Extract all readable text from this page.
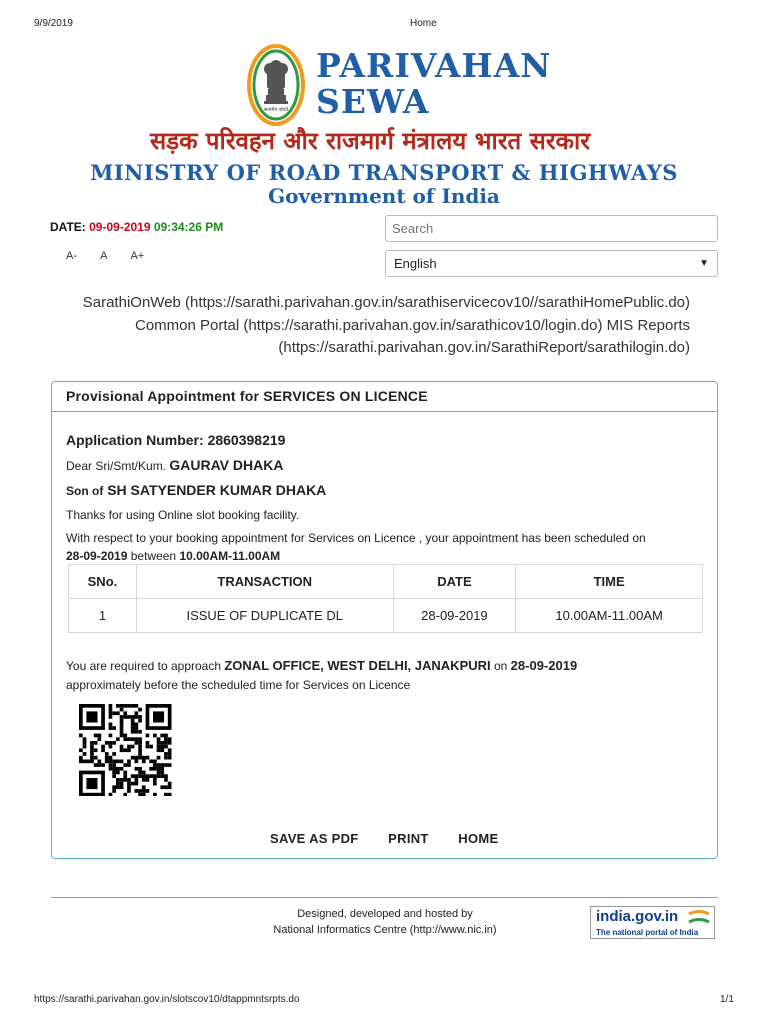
9/9/2019	Home
सत्यमेव जयते
PARIVAHAN
SEWA
सड़क परिवहन और राजमार्ग मंत्रालय भारत सरकार
MINISTRY OF ROAD TRANSPORT & HIGHWAYS
Government of India
DATE: 09-09-2019 09:34:26 PM
A- A A+
Search	English	▼
SarathiOnWeb (https://sarathi.parivahan.gov.in/sarathiservicecov10//sarathiHomePublic.do) Common Portal (https://sarathi.parivahan.gov.in/sarathicov10/login.do) MIS Reports (https://sarathi.parivahan.gov.in/SarathiReport/sarathilogin.do)
Provisional Appointment for SERVICES ON LICENCE
Application Number: 2860398219
Dear Sri/Smt/Kum. GAURAV DHAKA
Son of SH SATYENDER KUMAR DHAKA
Thanks for using Online slot booking facility.
With respect to your booking appointment for Services on Licence , your appointment has been scheduled on 28-09-2019 between 10.00AM-11.00AM
SNo.	TRANSACTION	DATE	TIME
1	ISSUE OF DUPLICATE DL	28-09-2019	10.00AM-11.00AM
You are required to approach ZONAL OFFICE, WEST DELHI, JANAKPURI on 28-09-2019
approximately before the scheduled time for Services on Licence
SAVE AS PDF PRINT HOME
Designed, developed and hosted by
National Informatics Centre (http://www.nic.in)
india.gov.in
The national portal of India
https://sarathi.parivahan.gov.in/slotscov10/dtappmntsrpts.do	1/1
